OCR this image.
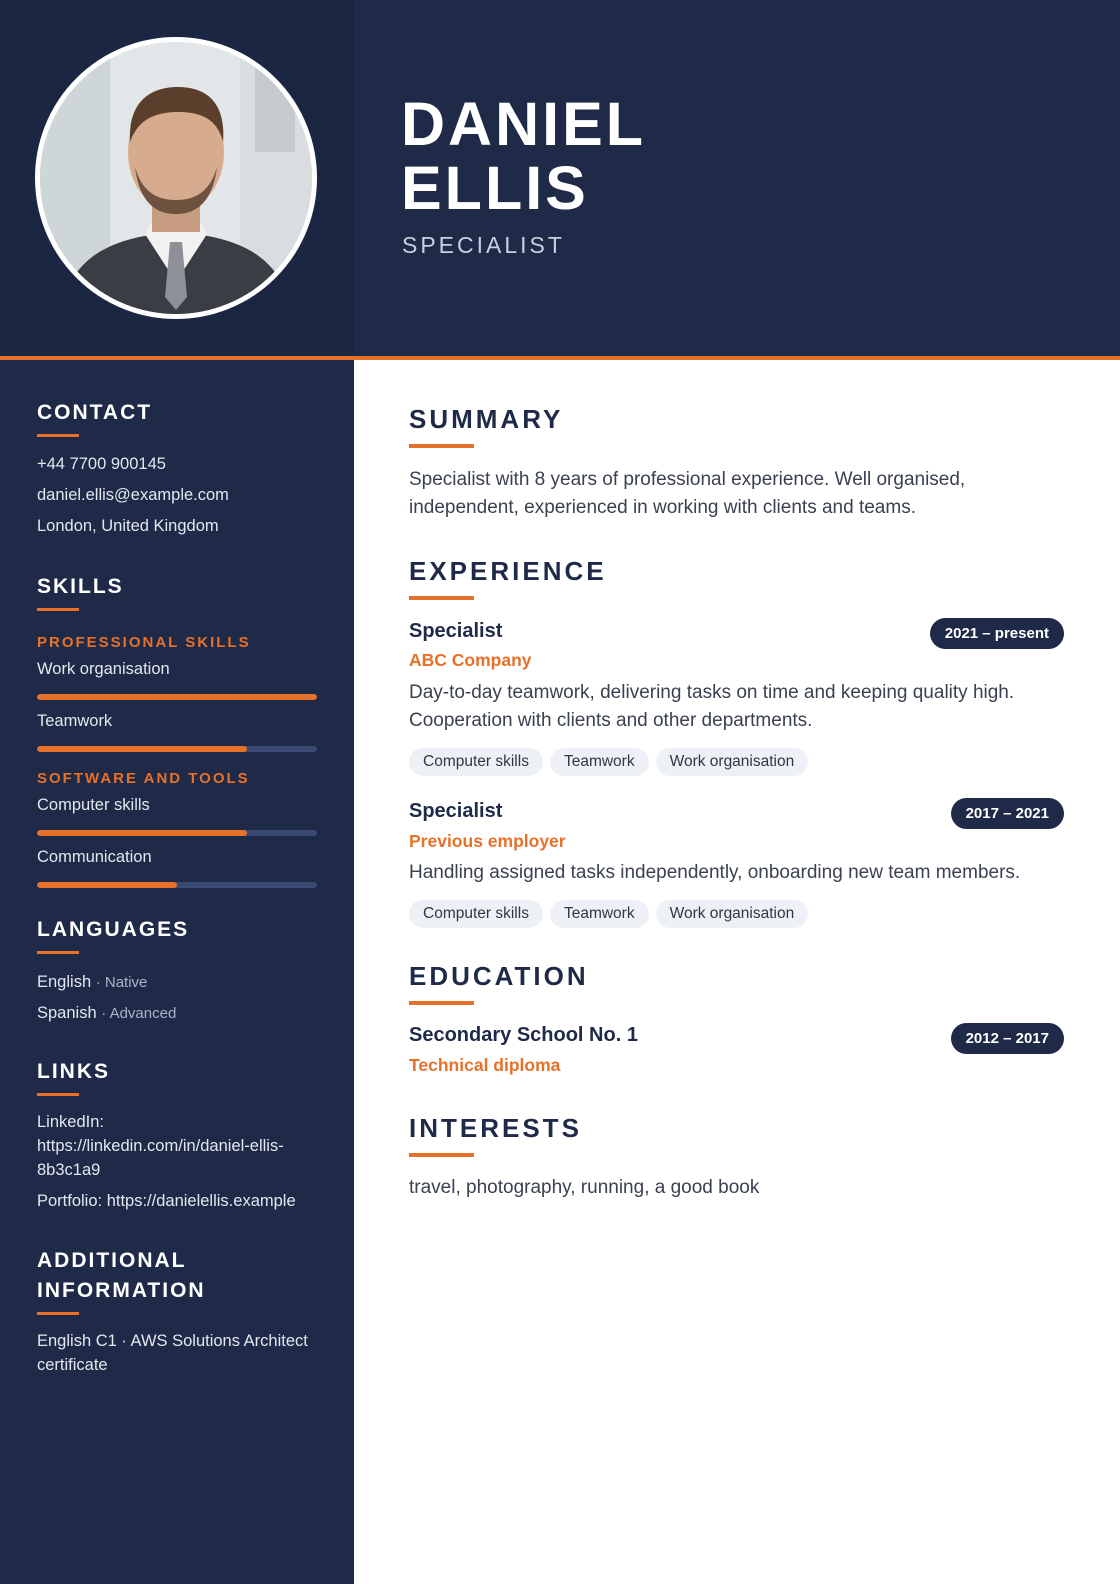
DANIEL
ELLIS
SPECIALIST
CONTACT
+44 7700 900145
daniel.ellis@example.com
London, United Kingdom
SKILLS
PROFESSIONAL SKILLS
Work organisation
Teamwork
SOFTWARE AND TOOLS
Computer skills
Communication
LANGUAGES
English · Native
Spanish · Advanced
LINKS
LinkedIn:
https://linkedin.com/in/daniel-ellis-
8b3c1a9
Portfolio: https://danielellis.example
ADDITIONAL
INFORMATION
English C1 · AWS Solutions Architect
certificate
SUMMARY
Specialist with 8 years of professional experience. Well organised,
independent, experienced in working with clients and teams.
EXPERIENCE
Specialist	2021 – present
ABC Company
Day-to-day teamwork, delivering tasks on time and keeping quality high.
Cooperation with clients and other departments.
Computer skills	Teamwork	Work organisation
Specialist	2017 – 2021
Previous employer
Handling assigned tasks independently, onboarding new team members.
Computer skills	Teamwork	Work organisation
EDUCATION
Secondary School No. 1	2012 – 2017
Technical diploma
INTERESTS
travel, photography, running, a good book
